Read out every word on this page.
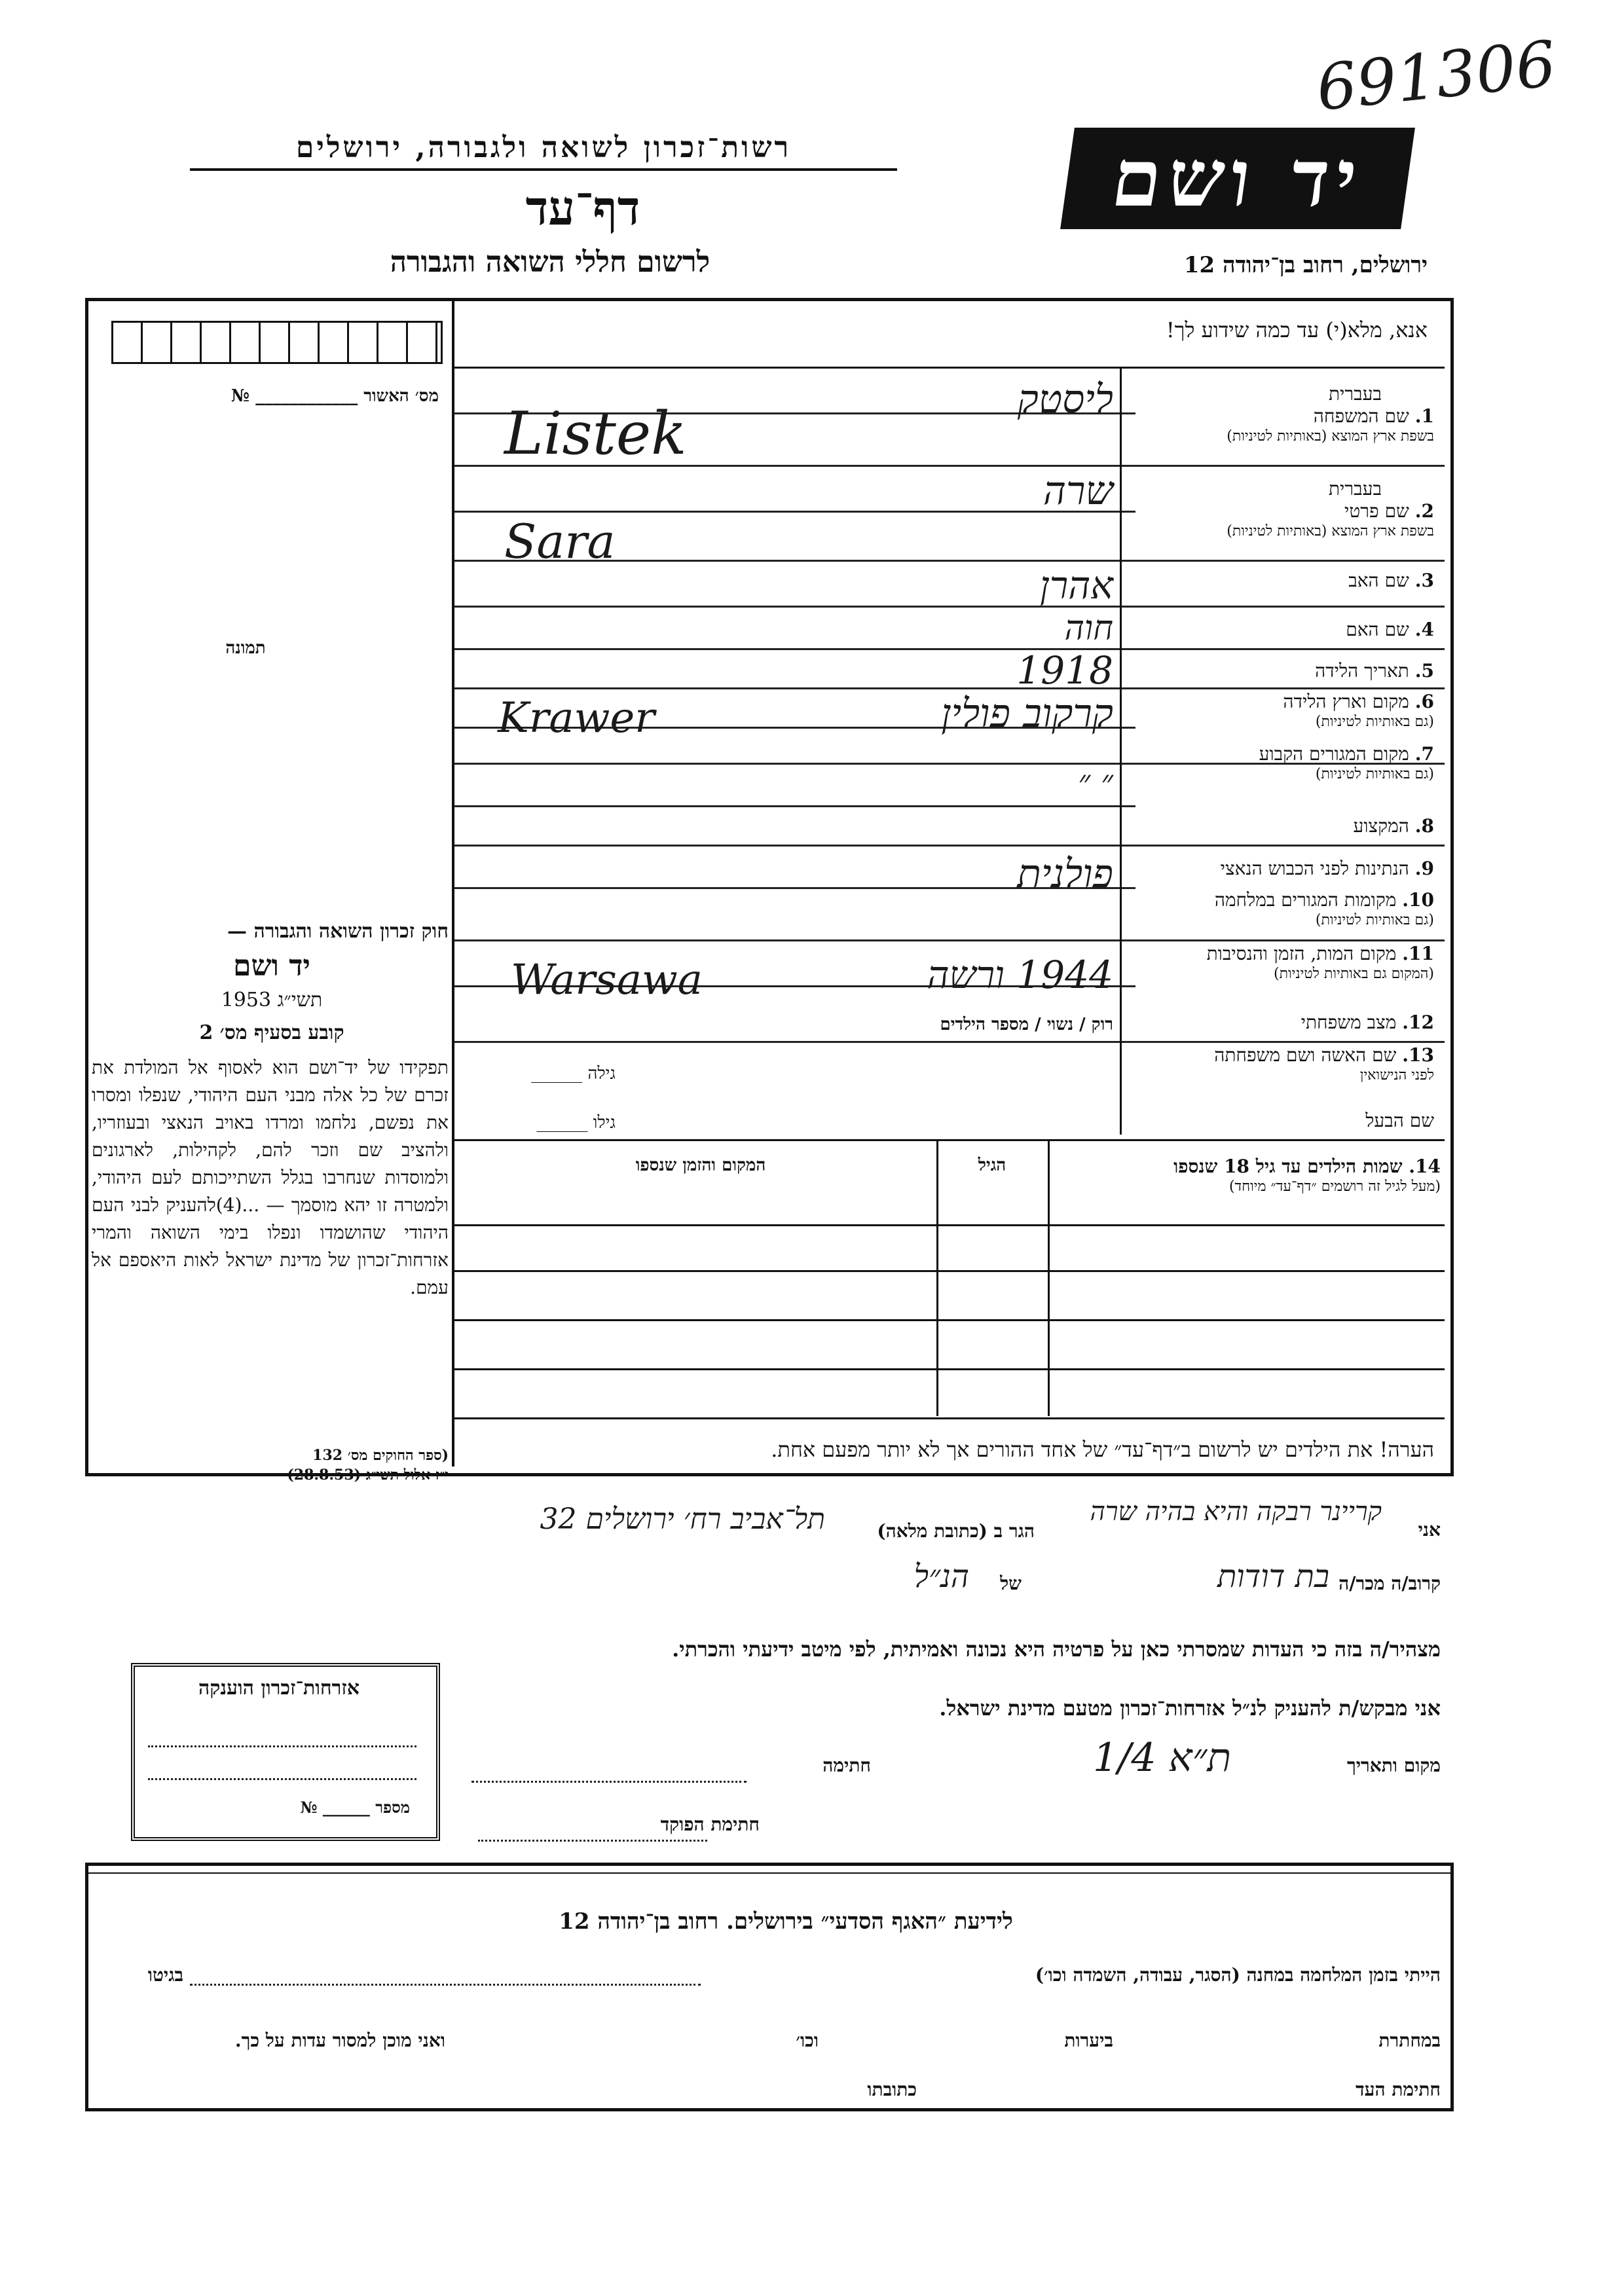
691306
רשות־זכרון לשואה ולגבורה, ירושלים
דף־עד
לרשום חללי השואה והגבורה
יד ושם
ירושלים, רחוב בן־יהודה 12
אנא, מלא(י) עד כמה שידוע לך!
מס׳ האשור ____________ №
תמונה
חוק זכרון השואה והגבורה —
יד ושם
תשי״ג 1953
קובע בסעיף מס׳ 2
תפקידו של יד־ושם הוא לאסוף אל המולדת את זכרם של כל אלה מבני העם היהודי, שנפלו ומסרו את נפשם, נלחמו ומרדו באויב הנאצי ובעוזריו, ולהציב שם וזכר להם, לקהילות, לארגונים ולמוסדות שנחרבו בגלל השתייכותם לעם היהודי, ולמטרה זו יהא מוסמך — ...(4)להעניק לבני העם היהודי שהושמדו ונפלו בימי השואה והמרי אזרחות־זכרון של מדינת ישראל לאות היאספם אל עמם.
(ספר החוקים מס׳ 132
י״ז אלול תשי״ג (28.8.53)
בעברית
1. שם המשפחה
בשפת ארץ המוצא (באותיות לטיניות)
בעברית
2. שם פרטי
בשפת ארץ המוצא (באותיות לטיניות)
3. שם האב
4. שם האם
5. תאריך הלידה
6. מקום וארץ הלידה
(גם באותיות לטיניות)
7. מקום המגורים הקבוע
(גם באותיות לטיניות)
8. המקצוע
9. הנתינות לפני הכבוש הנאצי
10. מקומות המגורים במלחמה
(גם באותיות לטיניות)
11. מקום המות, הזמן והנסיבות
(המקום גם באותיות לטיניות)
12. מצב משפחתי
13. שם האשה ושם משפחתה
לפני הנישואין
שם הבעל
ליסטק
Listek
שרה
Sara
אהרן
חוה
1918
קרקוב פולין
Krawer
״ ״
פולנית
1944 ורשה
Warsawa
רוק / נשוי / מספר הילדים
גילה ______
גילו ______
14. שמות הילדים עד גיל 18 שנספו
(מעל לגיל זה רושמים ״דף־עד״ מיוחד)
הגיל
המקום והזמן שנספו
הערה! את הילדים יש לרשום ב״דף־עד״ של אחד ההורים אך לא יותר מפעם אחת.
אני
קריינר רבקה והיא בהיה שרה
הגר ב (כתובת מלאה)
תל־אביב רח׳ ירושלים 32
קרוב/ה מכר/ה
בת דודות
של
הנ״ל
מצהיר/ה בזה כי העדות שמסרתי כאן על פרטיה היא נכונה ואמיתית, לפי מיטב ידיעתי והכרתי.
אני מבקש/ת להעניק לנ״ל אזרחות־זכרון מטעם מדינת ישראל.
מקום ותאריך
ת״א 1/4
חתימה
חתימת הפוקד
אזרחות־זכרון הוענקה
מספר ______ №
לידיעת ״האגף הסדעי״ בירושלים. רחוב בן־יהודה 12
הייתי בזמן המלחמה במחנה (הסגר, עבודה, השמדה וכו׳)
בגיטו
במחתרת
ביערות
וכו׳
ואני מוכן למסור עדות על כך.
חתימת העד
כתובתו
